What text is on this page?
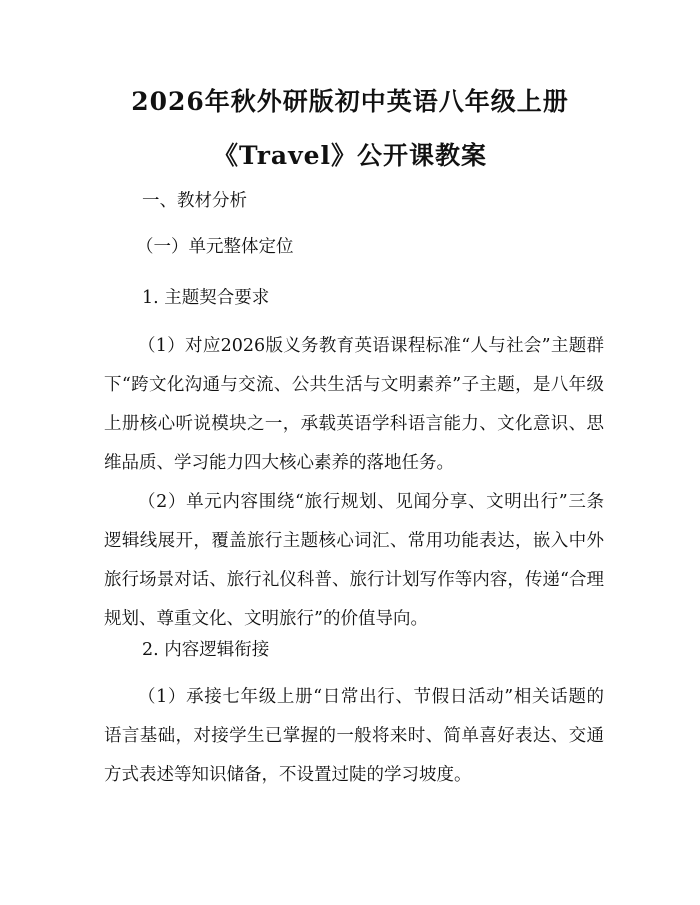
2026年秋外研版初中英语八年级上册
《Travel》公开课教案
一、教材分析
（一）单元整体定位
1. 主题契合要求
（1）对应2026版义务教育英语课程标准“人与社会”主题群下“跨文化沟通与交流、公共生活与文明素养”子主题，是八年级上册核心听说模块之一，承载英语学科语言能力、文化意识、思维品质、学习能力四大核心素养的落地任务。
（2）单元内容围绕“旅行规划、见闻分享、文明出行”三条逻辑线展开，覆盖旅行主题核心词汇、常用功能表达，嵌入中外旅行场景对话、旅行礼仪科普、旅行计划写作等内容，传递“合理规划、尊重文化、文明旅行”的价值导向。
2. 内容逻辑衔接
（1）承接七年级上册“日常出行、节假日活动”相关话题的语言基础，对接学生已掌握的一般将来时、简单喜好表达、交通方式表述等知识储备，不设置过陡的学习坡度。
